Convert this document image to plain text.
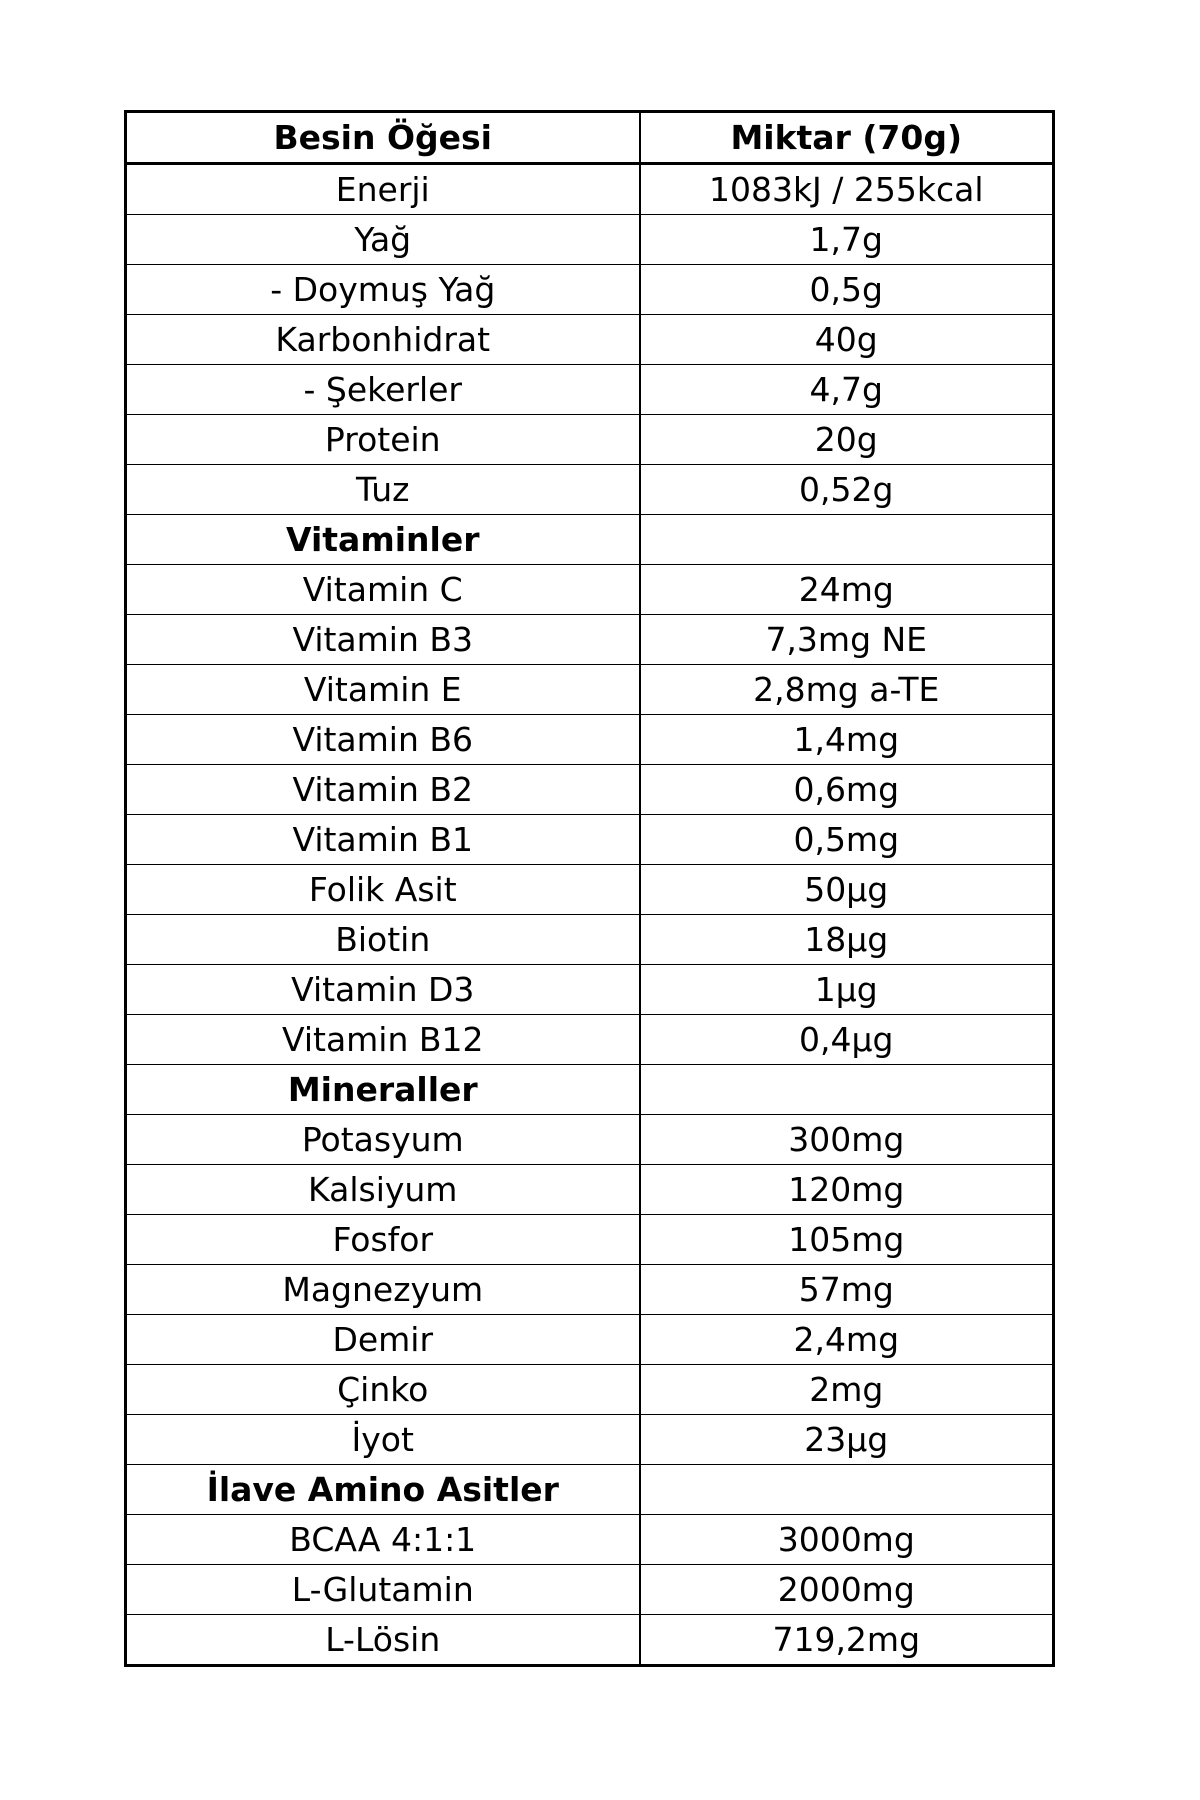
Besin Öğesi	Miktar (70g)
Enerji	1083kJ / 255kcal
Yağ	1,7g
- Doymuş Yağ	0,5g
Karbonhidrat	40g
- Şekerler	4,7g
Protein	20g
Tuz	0,52g
Vitaminler	
Vitamin C	24mg
Vitamin B3	7,3mg NE
Vitamin E	2,8mg a-TE
Vitamin B6	1,4mg
Vitamin B2	0,6mg
Vitamin B1	0,5mg
Folik Asit	50µg
Biotin	18µg
Vitamin D3	1µg
Vitamin B12	0,4µg
Mineraller	
Potasyum	300mg
Kalsiyum	120mg
Fosfor	105mg
Magnezyum	57mg
Demir	2,4mg
Çinko	2mg
İyot	23µg
İlave Amino Asitler	
BCAA 4:1:1	3000mg
L-Glutamin	2000mg
L-Lösin	719,2mg
